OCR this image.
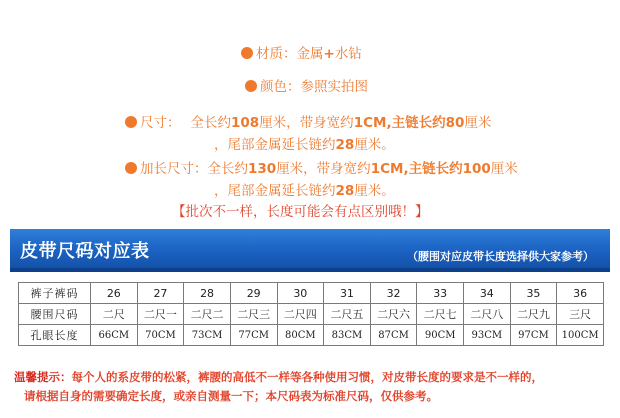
材质：金属+水钻
颜色：参照实拍图
尺寸： 全长约108厘米，带身宽约1CM,主链长约80厘米
，尾部金属延长链约28厘米。
加长尺寸：全长约130厘米，带身宽约1CM,主链长约100厘米
，尾部金属延长链约28厘米。
【批次不一样，长度可能会有点区别哦！】
皮带尺码对应表	（腰围对应皮带长度选择供大家参考）
裤子裤码	26	27	28	29	30	31	32	33	34	35	36
腰围尺码	二尺	二尺一	二尺二	二尺三	二尺四	二尺五	二尺六	二尺七	二尺八	二尺九	三尺
孔眼长度	66CM	70CM	73CM	77CM	80CM	83CM	87CM	90CM	93CM	97CM	100CM
温馨提示：每个人的系皮带的松紧，裤腰的高低不一样等各种使用习惯，对皮带长度的要求是不一样的，
请根据自身的需要确定长度，或亲自测量一下；本尺码表为标准尺码，仅供参考。
